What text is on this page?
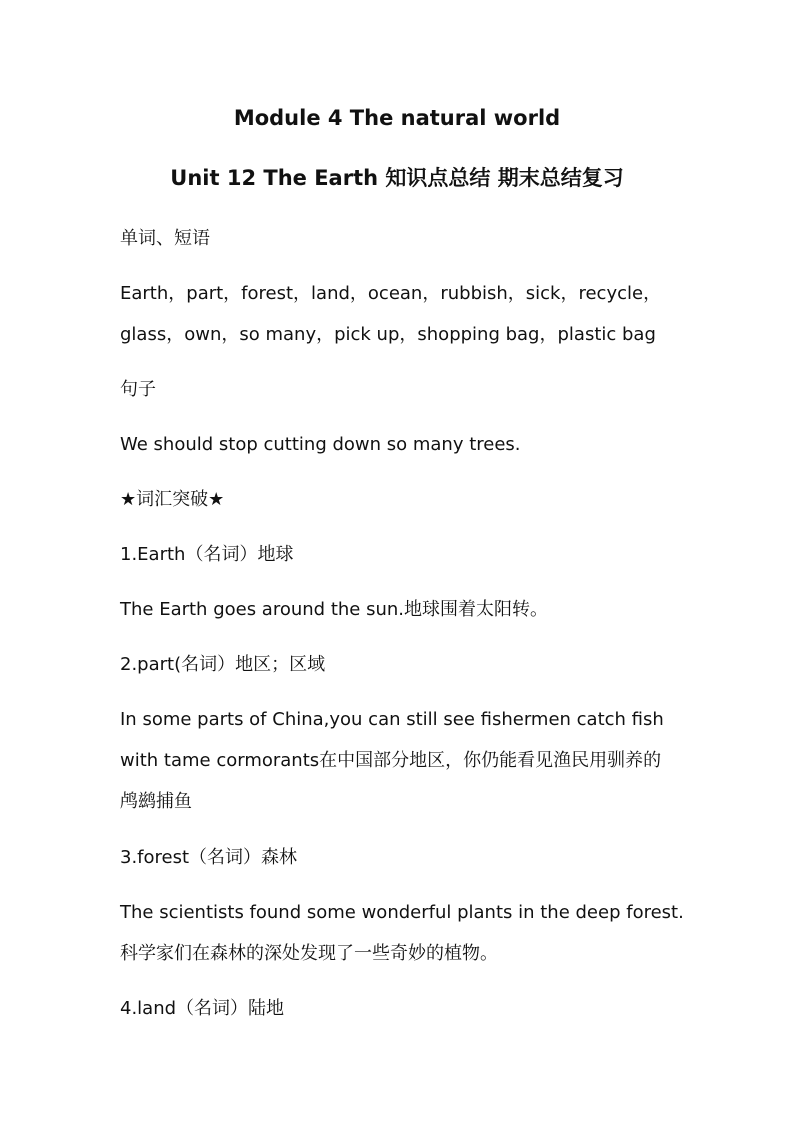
Module 4 The natural world
Unit 12 The Earth 知识点总结 期末总结复习
单词、短语
Earth，part，forest，land，ocean，rubbish，sick，recycle，
glass，own，so many，pick up，shopping bag，plastic bag
句子
We should stop cutting down so many trees.
★词汇突破★
1.Earth（名词）地球
The Earth goes around the sun.地球围着太阳转。
2.part(名词）地区；区域
In some parts of China,you can still see fishermen catch fish
with tame cormorants在中国部分地区，你仍能看见渔民用驯养的
鸬鹚捕鱼
3.forest（名词）森林
The scientists found some wonderful plants in the deep forest.
科学家们在森林的深处发现了一些奇妙的植物。
4.land（名词）陆地
